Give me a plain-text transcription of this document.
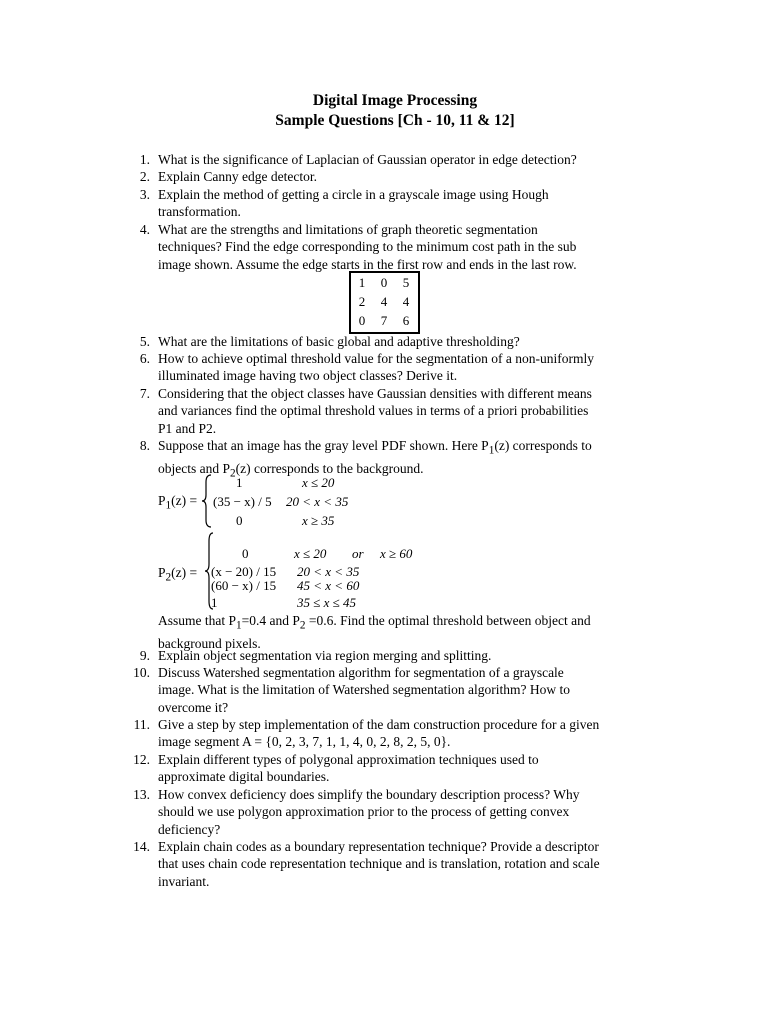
Digital Image Processing
Sample Questions [Ch - 10, 11 & 12]
1. What is the significance of Laplacian of Gaussian operator in edge detection?
2. Explain Canny edge detector.
3. Explain the method of getting a circle in a grayscale image using Hough
transformation.
4. What are the strengths and limitations of graph theoretic segmentation
techniques? Find the edge corresponding to the minimum cost path in the sub
image shown. Assume the edge starts in the first row and ends in the last row.
1	0	5
2	4	4
0	7	6
5. What are the limitations of basic global and adaptive thresholding?
6. How to achieve optimal threshold value for the segmentation of a non-uniformly
illuminated image having two object classes? Derive it.
7. Considering that the object classes have Gaussian densities with different means
and variances find the optimal threshold values in terms of a priori probabilities
P1 and P2.
8. Suppose that an image has the gray level PDF shown. Here $P_1(z)$ corresponds to
objects and $P_2(z)$ corresponds to the background.
$P_1(z)$ =
1	x ≤ 20
(35 − x) / 5 20 < x < 35
0	x ≥ 35
$P_2(z)$ =
0	x ≤ 20 or x ≥ 60
(x − 20) / 15 20 < x < 35
(60 − x) / 15 45 < x < 60
1	35 ≤ x ≤ 45
Assume that $P_1=0.4$ and $P_2 =0.6$. Find the optimal threshold between object and
background pixels.
9. Explain object segmentation via region merging and splitting.
10. Discuss Watershed segmentation algorithm for segmentation of a grayscale
image. What is the limitation of Watershed segmentation algorithm? How to
overcome it?
11. Give a step by step implementation of the dam construction procedure for a given
image segment A = {0, 2, 3, 7, 1, 1, 4, 0, 2, 8, 2, 5, 0}.
12. Explain different types of polygonal approximation techniques used to
approximate digital boundaries.
13. How convex deficiency does simplify the boundary description process? Why
should we use polygon approximation prior to the process of getting convex
deficiency?
14. Explain chain codes as a boundary representation technique? Provide a descriptor
that uses chain code representation technique and is translation, rotation and scale
invariant.
